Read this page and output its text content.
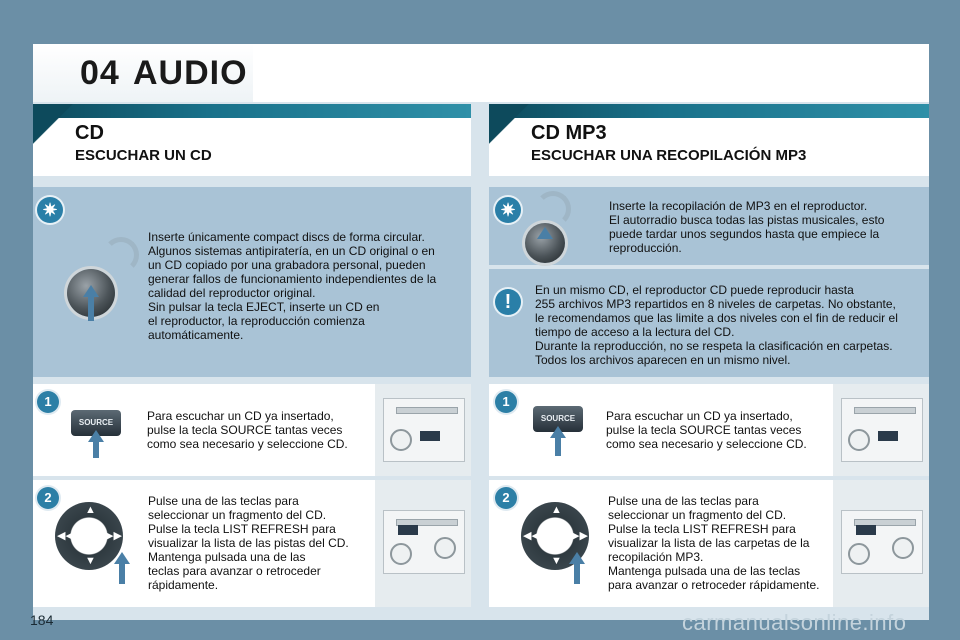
04 AUDIO
CD
ESCUCHAR UN CD
CD MP3
ESCUCHAR UNA RECOPILACIÓN MP3
✷
Inserte únicamente compact discs de forma circular.
Algunos sistemas antipiratería, en un CD original o en
un CD copiado por una grabadora personal, pueden
generar fallos de funcionamiento independientes de la
calidad del reproductor original.
Sin pulsar la tecla EJECT, inserte un CD en
el reproductor, la reproducción comienza
automáticamente.
✷	Inserte la recopilación de MP3 en el reproductor.
El autorradio busca todas las pistas musicales, esto
puede tardar unos segundos hasta que empiece la
reproducción.
!
En un mismo CD, el reproductor CD puede reproducir hasta
255 archivos MP3 repartidos en 8 niveles de carpetas. No obstante,
le recomendamos que las limite a dos niveles con el fin de reducir el
tiempo de acceso a la lectura del CD.
Durante la reproducción, no se respeta la clasificación en carpetas.
Todos los archivos aparecen en un mismo nivel.
1
SOURCE	Para escuchar un CD ya insertado,
pulse la tecla SOURCE tantas veces
como sea necesario y seleccione CD.
1
SOURCE	Para escuchar un CD ya insertado,
pulse la tecla SOURCE tantas veces
como sea necesario y seleccione CD.
2
▲
▼
◀◀	▶▶
Pulse una de las teclas para
seleccionar un fragmento del CD.
Pulse la tecla LIST REFRESH para
visualizar la lista de las pistas del CD.
Mantenga pulsada una de las
teclas para avanzar o retroceder
rápidamente.
2
▲
▼
◀◀	▶▶
Pulse una de las teclas para
seleccionar un fragmento del CD.
Pulse la tecla LIST REFRESH para
visualizar la lista de las carpetas de la
recopilación MP3.
Mantenga pulsada una de las teclas
para avanzar o retroceder rápidamente.
184	carmanualsonline.info
